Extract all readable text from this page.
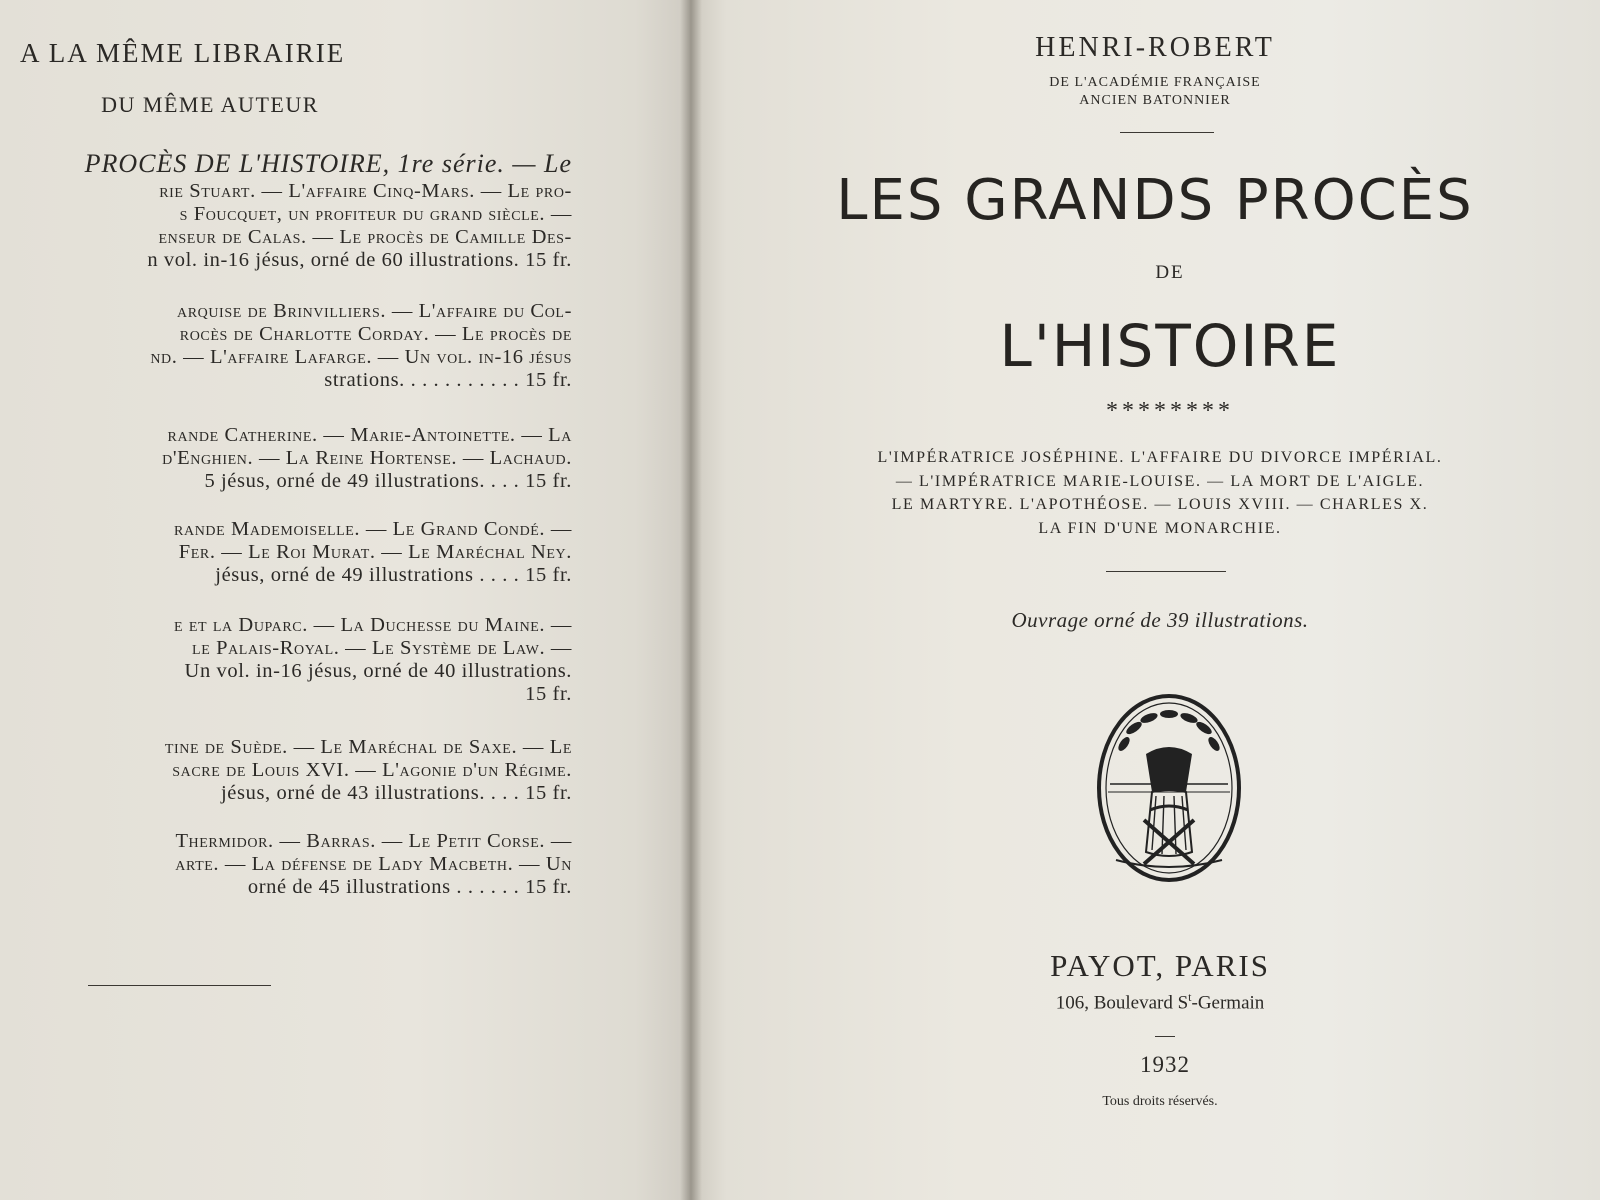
A LA MÊME LIBRAIRIE
DU MÊME AUTEUR
PROCÈS DE L'HISTOIRE, 1re série. — Le
rie Stuart. — L'affaire Cinq-Mars. — Le pro-
s Foucquet, un profiteur du grand siècle. —
enseur de Calas. — Le procès de Camille Des-
n vol. in-16 jésus, orné de 60 illustrations. 15 fr.
arquise de Brinvilliers. — L'affaire du Col-
rocès de Charlotte Corday. — Le procès de
nd. — L'affaire Lafarge. — Un vol. in-16 jésus
strations. . . . . . . . . . . 15 fr.
rande Catherine. — Marie-Antoinette. — La
d'Enghien. — La Reine Hortense. — Lachaud.
5 jésus, orné de 49 illustrations. . . . 15 fr.
rande Mademoiselle. — Le Grand Condé. —
Fer. — Le Roi Murat. — Le Maréchal Ney.
jésus, orné de 49 illustrations . . . . 15 fr.
e et la Duparc. — La Duchesse du Maine. —
le Palais-Royal. — Le Système de Law. —
Un vol. in-16 jésus, orné de 40 illustrations.
15 fr.
tine de Suède. — Le Maréchal de Saxe. — Le
sacre de Louis XVI. — L'agonie d'un Régime.
jésus, orné de 43 illustrations. . . . 15 fr.
Thermidor. — Barras. — Le Petit Corse. —
arte. — La défense de Lady Macbeth. — Un
orné de 45 illustrations . . . . . . 15 fr.
HENRI-ROBERT
DE L'ACADÉMIE FRANÇAISE
ANCIEN BATONNIER
LES GRANDS PROCÈS
DE
L'HISTOIRE
********
L'IMPÉRATRICE JOSÉPHINE. L'AFFAIRE DU DIVORCE IMPÉRIAL.
— L'IMPÉRATRICE MARIE-LOUISE. — LA MORT DE L'AIGLE.
LE MARTYRE. L'APOTHÉOSE. — LOUIS XVIII. — CHARLES X.
LA FIN D'UNE MONARCHIE.
Ouvrage orné de 39 illustrations.
PAYOT, PARIS
106, Boulevard $S^t$-Germain
1932
Tous droits réservés.
